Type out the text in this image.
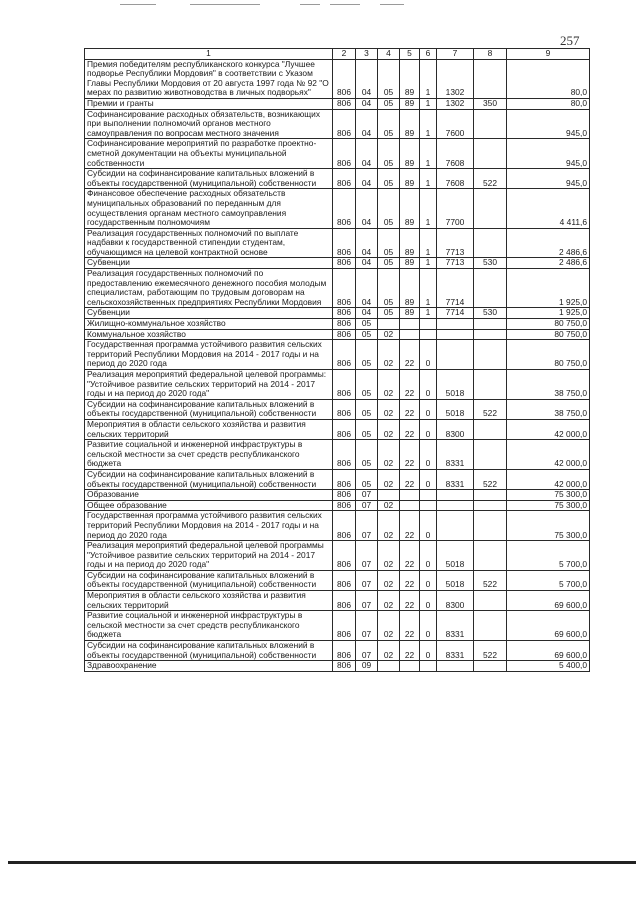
257
1	2	3	4	5	6	7	8	9
Премия победителям республиканского конкурса "Лучшее подворье Республики Мордовия" в соответствии с Указом Главы Республики Мордовия от 20 августа 1997 года № 92 "О мерах по развитию животноводства в личных подворьях"	806	04	05	89	1	1302		80,0
Премии и гранты	806	04	05	89	1	1302	350	80,0
Софинансирование расходных обязательств, возникающих при выполнении полномочий органов местного самоуправления по вопросам местного значения	806	04	05	89	1	7600		945,0
Софинансирование мероприятий по разработке проектно-сметной документации на объекты муниципальной собственности	806	04	05	89	1	7608		945,0
Субсидии на софинансирование капитальных вложений в объекты государственной (муниципальной) собственности	806	04	05	89	1	7608	522	945,0
Финансовое обеспечение расходных обязательств муниципальных образований по переданным для осуществления органам местного самоуправления государственным полномочиям	806	04	05	89	1	7700		4 411,6
Реализация государственных полномочий по выплате надбавки к государственной стипендии студентам, обучающимся на целевой контрактной основе	806	04	05	89	1	7713		2 486,6
Субвенции	806	04	05	89	1	7713	530	2 486,6
Реализация государственных полномочий по предоставлению ежемесячного денежного пособия молодым специалистам, работающим по трудовым договорам на сельскохозяйственных предприятиях Республики Мордовия	806	04	05	89	1	7714		1 925,0
Субвенции	806	04	05	89	1	7714	530	1 925,0
Жилищно-коммунальное хозяйство	806	05						80 750,0
Коммунальное хозяйство	806	05	02					80 750,0
Государственная программа устойчивого развития сельских территорий Республики Мордовия на 2014 - 2017 годы и на период до 2020 года	806	05	02	22	0			80 750,0
Реализация мероприятий федеральной целевой программы: "Устойчивое развитие сельских территорий на 2014 - 2017 годы и на период до 2020 года"	806	05	02	22	0	5018		38 750,0
Субсидии на софинансирование капитальных вложений в объекты государственной (муниципальной) собственности	806	05	02	22	0	5018	522	38 750,0
Мероприятия в области сельского хозяйства и развития сельских территорий	806	05	02	22	0	8300		42 000,0
Развитие социальной и инженерной инфраструктуры в сельской местности за счет средств республиканского бюджета	806	05	02	22	0	8331		42 000,0
Субсидии на софинансирование капитальных вложений в объекты государственной (муниципальной) собственности	806	05	02	22	0	8331	522	42 000,0
Образование	806	07						75 300,0
Общее образование	806	07	02					75 300,0
Государственная программа устойчивого развития сельских территорий Республики Мордовия на 2014 - 2017 годы и на период до 2020 года	806	07	02	22	0			75 300,0
Реализация мероприятий федеральной целевой программы "Устойчивое развитие сельских территорий на 2014 - 2017 годы и на период до 2020 года"	806	07	02	22	0	5018		5 700,0
Субсидии на софинансирование капитальных вложений в объекты государственной (муниципальной) собственности	806	07	02	22	0	5018	522	5 700,0
Мероприятия в области сельского хозяйства и развития сельских территорий	806	07	02	22	0	8300		69 600,0
Развитие социальной и инженерной инфраструктуры в сельской местности за счет средств республиканского бюджета	806	07	02	22	0	8331		69 600,0
Субсидии на софинансирование капитальных вложений в объекты государственной (муниципальной) собственности	806	07	02	22	0	8331	522	69 600,0
Здравоохранение	806	09						5 400,0
